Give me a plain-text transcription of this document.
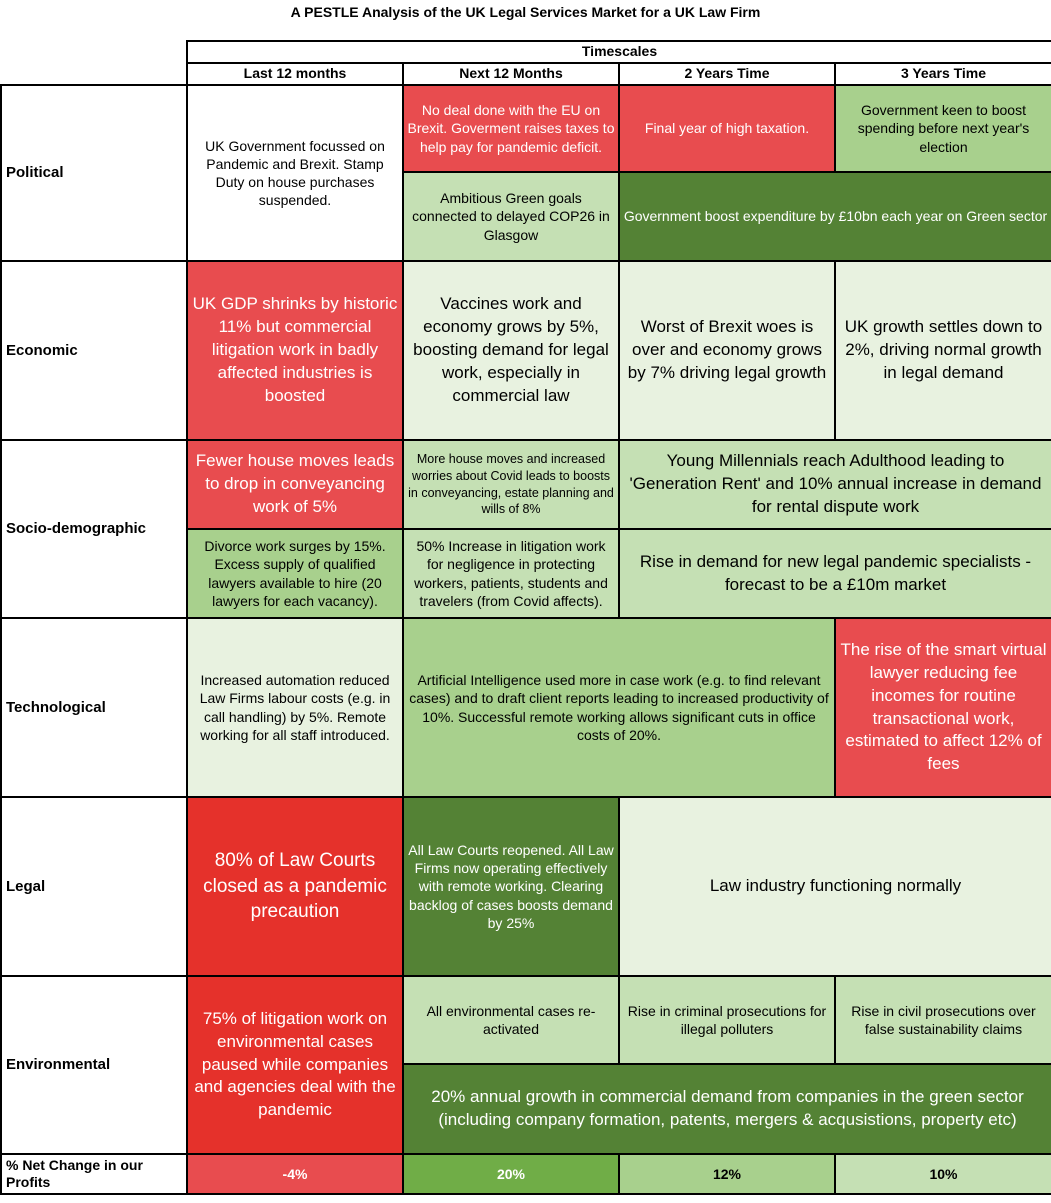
A PESTLE Analysis of the UK Legal Services Market for a UK Law Firm
	Timescales			
	Last 12 months	Next 12 Months	2 Years Time	3 Years Time
Political	UK Government focussed on Pandemic and Brexit. Stamp Duty on house purchases suspended.	No deal done with the EU on Brexit. Goverment raises taxes to help pay for pandemic deficit.	Final year of high taxation.	Government keen to boost spending before next year's election
		Ambitious Green goals connected to delayed COP26 in Glasgow	Government boost expenditure by £10bn each year on Green sector	
Economic	UK GDP shrinks by historic 11% but commercial litigation work in badly affected industries is boosted	Vaccines work and economy grows by 5%, boosting demand for legal work, especially in commercial law	Worst of Brexit woes is over and economy grows by 7% driving legal growth	UK growth settles down to 2%, driving normal growth in legal demand
Socio-demographic	Fewer house moves leads to drop in conveyancing work of 5%	More house moves and increased worries about Covid leads to boosts in conveyancing, estate planning and wills of 8%	Young Millennials reach Adulthood leading to 'Generation Rent' and 10% annual increase in demand for rental dispute work	
	Divorce work surges by 15%. Excess supply of qualified lawyers available to hire (20 lawyers for each vacancy).	50% Increase in litigation work for negligence in protecting workers, patients, students and travelers (from Covid affects).	Rise in demand for new legal pandemic specialists - forecast to be a £10m market	
Technological	Increased automation reduced Law Firms labour costs (e.g. in call handling) by 5%. Remote working for all staff introduced.	Artificial Intelligence used more in case work (e.g. to find relevant cases) and to draft client reports leading to increased productivity of 10%. Successful remote working allows significant cuts in office costs of 20%.		The rise of the smart virtual lawyer reducing fee incomes for routine transactional work, estimated to affect 12% of fees
Legal	80% of Law Courts closed as a pandemic precaution	All Law Courts reopened. All Law Firms now operating effectively with remote working. Clearing backlog of cases boosts demand by 25%	Law industry functioning normally	
Environmental	75% of litigation work on environmental cases paused while companies and agencies deal with the pandemic	All environmental cases re-activated	Rise in criminal prosecutions for illegal polluters	Rise in civil prosecutions over false sustainability claims
		20% annual growth in commercial demand from companies in the green sector (including company formation, patents, mergers & acqusistions, property etc)		
% Net Change in our Profits	-4%	20%	12%	10%
